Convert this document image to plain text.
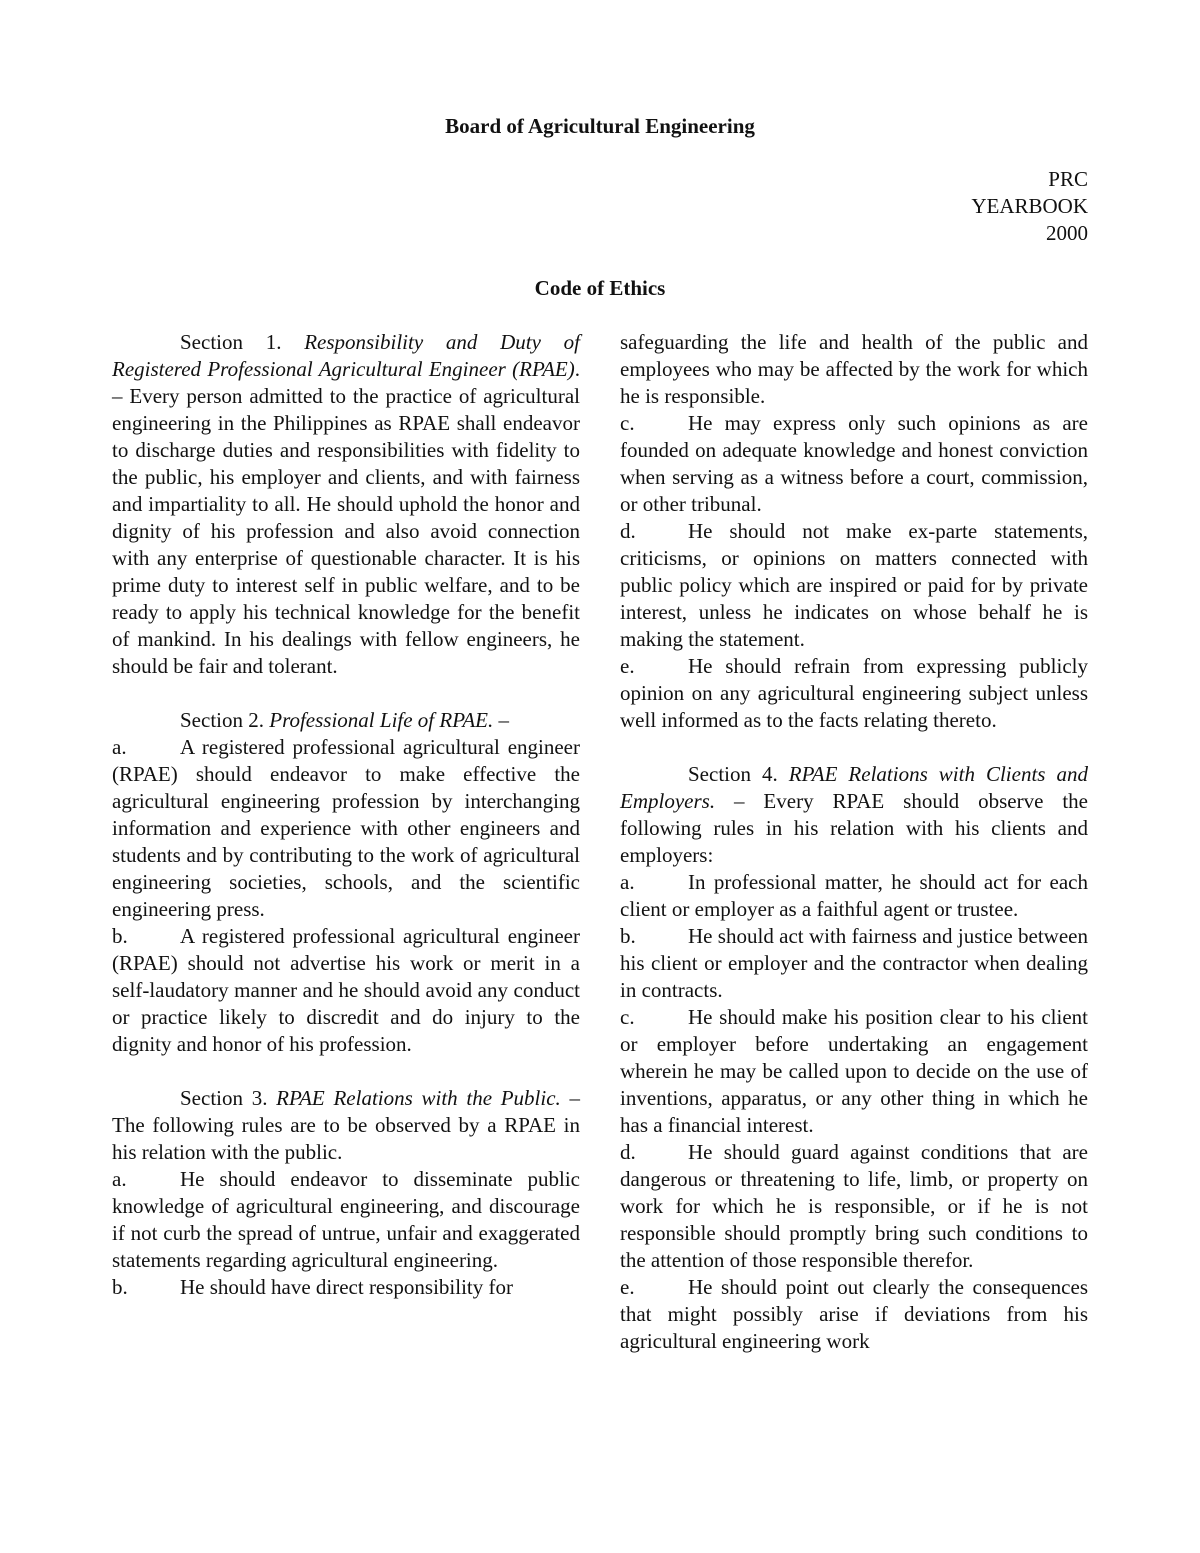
Board of Agricultural Engineering
PRC
YEARBOOK
2000
Code of Ethics

Section 1. Responsibility and Duty of Registered Professional Agricultural Engineer (RPAE). – Every person admitted to the practice of agricultural engineering in the Philippines as RPAE shall endeavor to discharge duties and responsibilities with fidelity to the public, his employer and clients, and with fairness and impartiality to all. He should uphold the honor and dignity of his profession and also avoid connection with any enterprise of questionable character. It is his prime duty to interest self in public welfare, and to be ready to apply his technical knowledge for the benefit of mankind. In his dealings with fellow engineers, he should be fair and tolerant.

Section 2. Professional Life of RPAE. –

a.	A registered professional agricultural engineer (RPAE) should endeavor to make effective the agricultural engineering profession by interchanging information and experience with other engineers and students and by contributing to the work of agricultural engineering societies, schools, and the scientific engineering press.

b. A registered professional agricultural engineer (RPAE) should not advertise his work or merit in a self-laudatory manner and he should avoid any conduct or practice likely to discredit and do injury to the dignity and honor of his profession.

Section 3. RPAE Relations with the Public. – The following rules are to be observed by a RPAE in his relation with the public.

a.	He should endeavor to disseminate public knowledge of agricultural engineering, and discourage if not curb the spread of untrue, unfair and exaggerated statements regarding agricultural engineering.

b. He should have direct responsibility for

safeguarding the life and health of the public and employees who may be affected by the work for which he is responsible.

c.	He may express only such opinions as are founded on adequate knowledge and honest conviction when serving as a witness before a court, commission, or other tribunal.

d. He should not make ex-parte statements, criticisms, or opinions on matters connected with public policy which are inspired or paid for by private interest, unless he indicates on whose behalf he is making the statement.

e.	He should refrain from expressing publicly opinion on any agricultural engineering subject unless well informed as to the facts relating thereto.

Section 4. RPAE Relations with Clients and Employers. – Every RPAE should observe the following rules in his relation with his clients and employers:

a.	In professional matter, he should act for each client or employer as a faithful agent or trustee.

b. He should act with fairness and justice between his client or employer and the contractor when dealing in contracts.

c.	He should make his position clear to his client or employer before undertaking an engagement wherein he may be called upon to decide on the use of inventions, apparatus, or any other thing in which he has a financial interest.

d. He should guard against conditions that are dangerous or threatening to life, limb, or property on work for which he is responsible, or if he is not responsible should promptly bring such conditions to the attention of those responsible therefor.

e.	He should point out clearly the consequences that might possibly arise if deviations from his agricultural engineering work
